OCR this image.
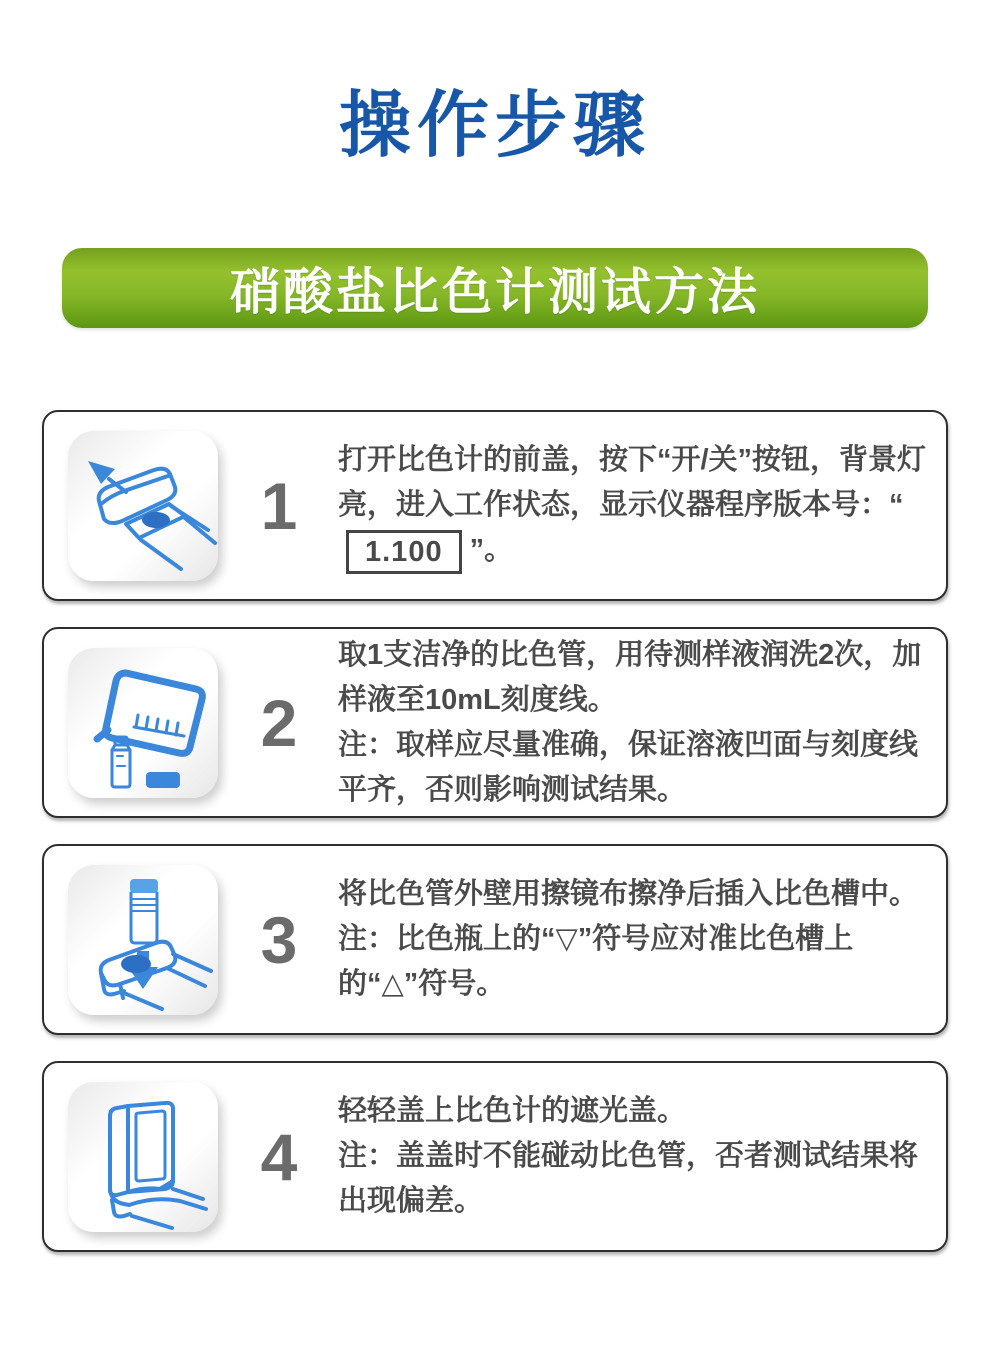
操作步骤
硝酸盐比色计测试方法
1

打开比色计的前盖，按下“开/关”按钮，背景灯亮，进入工作状态，显示仪器程序版本号：“1.100 ”。

2

取1支洁净的比色管，用待测样液润洗2次，加样液至10mL刻度线。

注：取样应尽量准确，保证溶液凹面与刻度线平齐，否则影响测试结果。

3

将比色管外壁用擦镜布擦净后插入比色槽中。

注：比色瓶上的“▽”符号应对准比色槽上的“△”符号。

4

轻轻盖上比色计的遮光盖。

注：盖盖时不能碰动比色管，否者测试结果将出现偏差。
